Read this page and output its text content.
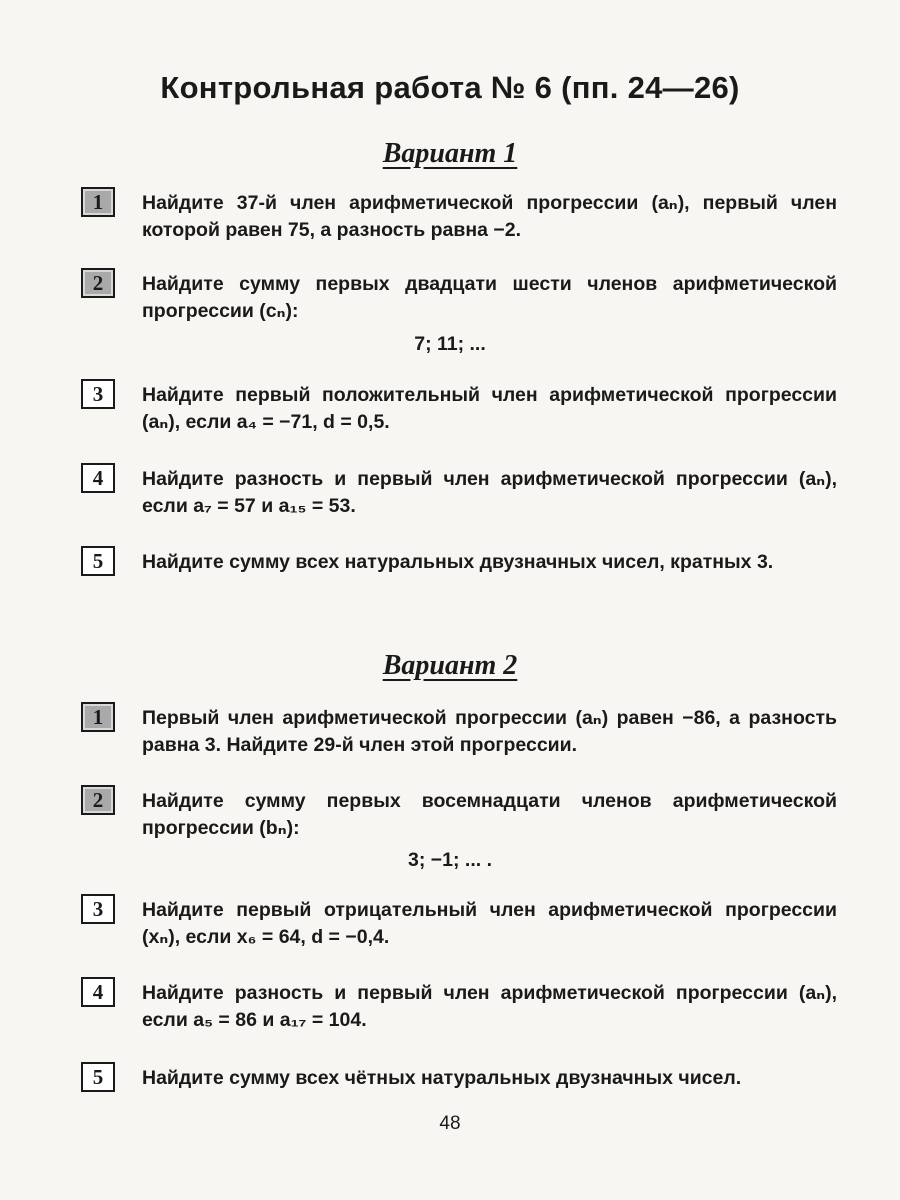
Контрольная работа № 6 (пп. 24—26)
Вариант 1
1	Найдите 37-й член арифметической прогрессии (aₙ), первый член которой равен 75, а разность равна −2.
2	Найдите сумму первых двадцати шести членов арифметической прогрессии (cₙ):
7; 11; ...
3	Найдите первый положительный член арифметической прогрессии (aₙ), если a₄ = −71, d = 0,5.
4	Найдите разность и первый член арифметической прогрессии (aₙ), если a₇ = 57 и a₁₅ = 53.
5	Найдите сумму всех натуральных двузначных чисел, кратных 3.
Вариант 2
1	Первый член арифметической прогрессии (aₙ) равен −86, а разность равна 3. Найдите 29-й член этой прогрессии.
2	Найдите сумму первых восемнадцати членов арифметической прогрессии (bₙ):
3; −1; ... .
3	Найдите первый отрицательный член арифметической прогрессии (xₙ), если x₆ = 64, d = −0,4.
4	Найдите разность и первый член арифметической прогрессии (aₙ), если a₅ = 86 и a₁₇ = 104.
5	Найдите сумму всех чётных натуральных двузначных чисел.
48
